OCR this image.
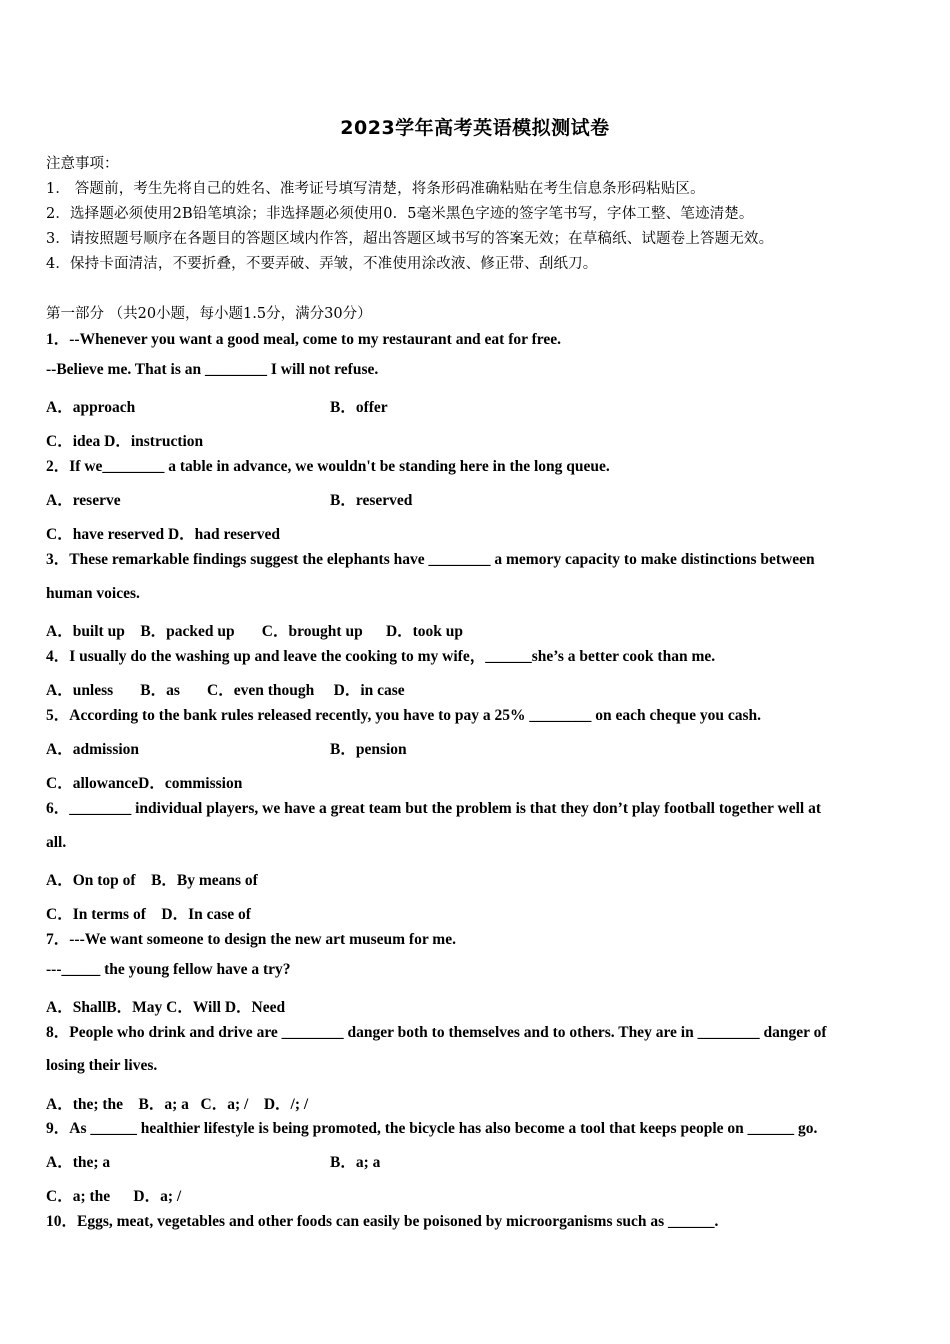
2023学年高考英语模拟测试卷
注意事项：
1． 答题前，考生先将自己的姓名、准考证号填写清楚，将条形码准确粘贴在考生信息条形码粘贴区。
2．选择题必须使用2B铅笔填涂；非选择题必须使用0．5毫米黑色字迹的签字笔书写，字体工整、笔迹清楚。
3．请按照题号顺序在各题目的答题区域内作答，超出答题区域书写的答案无效；在草稿纸、试题卷上答题无效。
4．保持卡面清洁，不要折叠，不要弄破、弄皱，不准使用涂改液、修正带、刮纸刀。
第一部分 （共20小题，每小题1.5分，满分30分）
1．--Whenever you want a good meal, come to my restaurant and eat for free.
--Believe me. That is an ________ I will not refuse.
A．approach	B．offer
C．idea D．instruction
2．If we________ a table in advance, we wouldn't be standing here in the long queue.
A．reserve	B．reserved
C．have reserved D．had reserved
3．These remarkable findings suggest the elephants have ________ a memory capacity to make distinctions between
human voices.
A．built up    B．packed up       C．brought up      D．took up
4．I usually do the washing up and leave the cooking to my wife，______she’s a better cook than me.
A．unless       B．as       C．even though     D．in case
5．According to the bank rules released recently, you have to pay a 25% ________ on each cheque you cash.
A．admission	B．pension
C．allowanceD．commission
6．________ individual players, we have a great team but the problem is that they don’t play football together well at
all.
A．On top of    B．By means of
C．In terms of    D．In case of
7．---We want someone to design the new art museum for me.
---_____ the young fellow have a try?
A．ShallB．May C．Will D．Need
8．People who drink and drive are ________ danger both to themselves and to others. They are in ________ danger of
losing their lives.
A．the; the    B．a; a   C．a; /    D．/; /
9．As ______ healthier lifestyle is being promoted, the bicycle has also become a tool that keeps people on ______ go.
A．the; a	B．a; a
C．a; the      D．a; /
10．Eggs, meat, vegetables and other foods can easily be poisoned by microorganisms such as ______.
